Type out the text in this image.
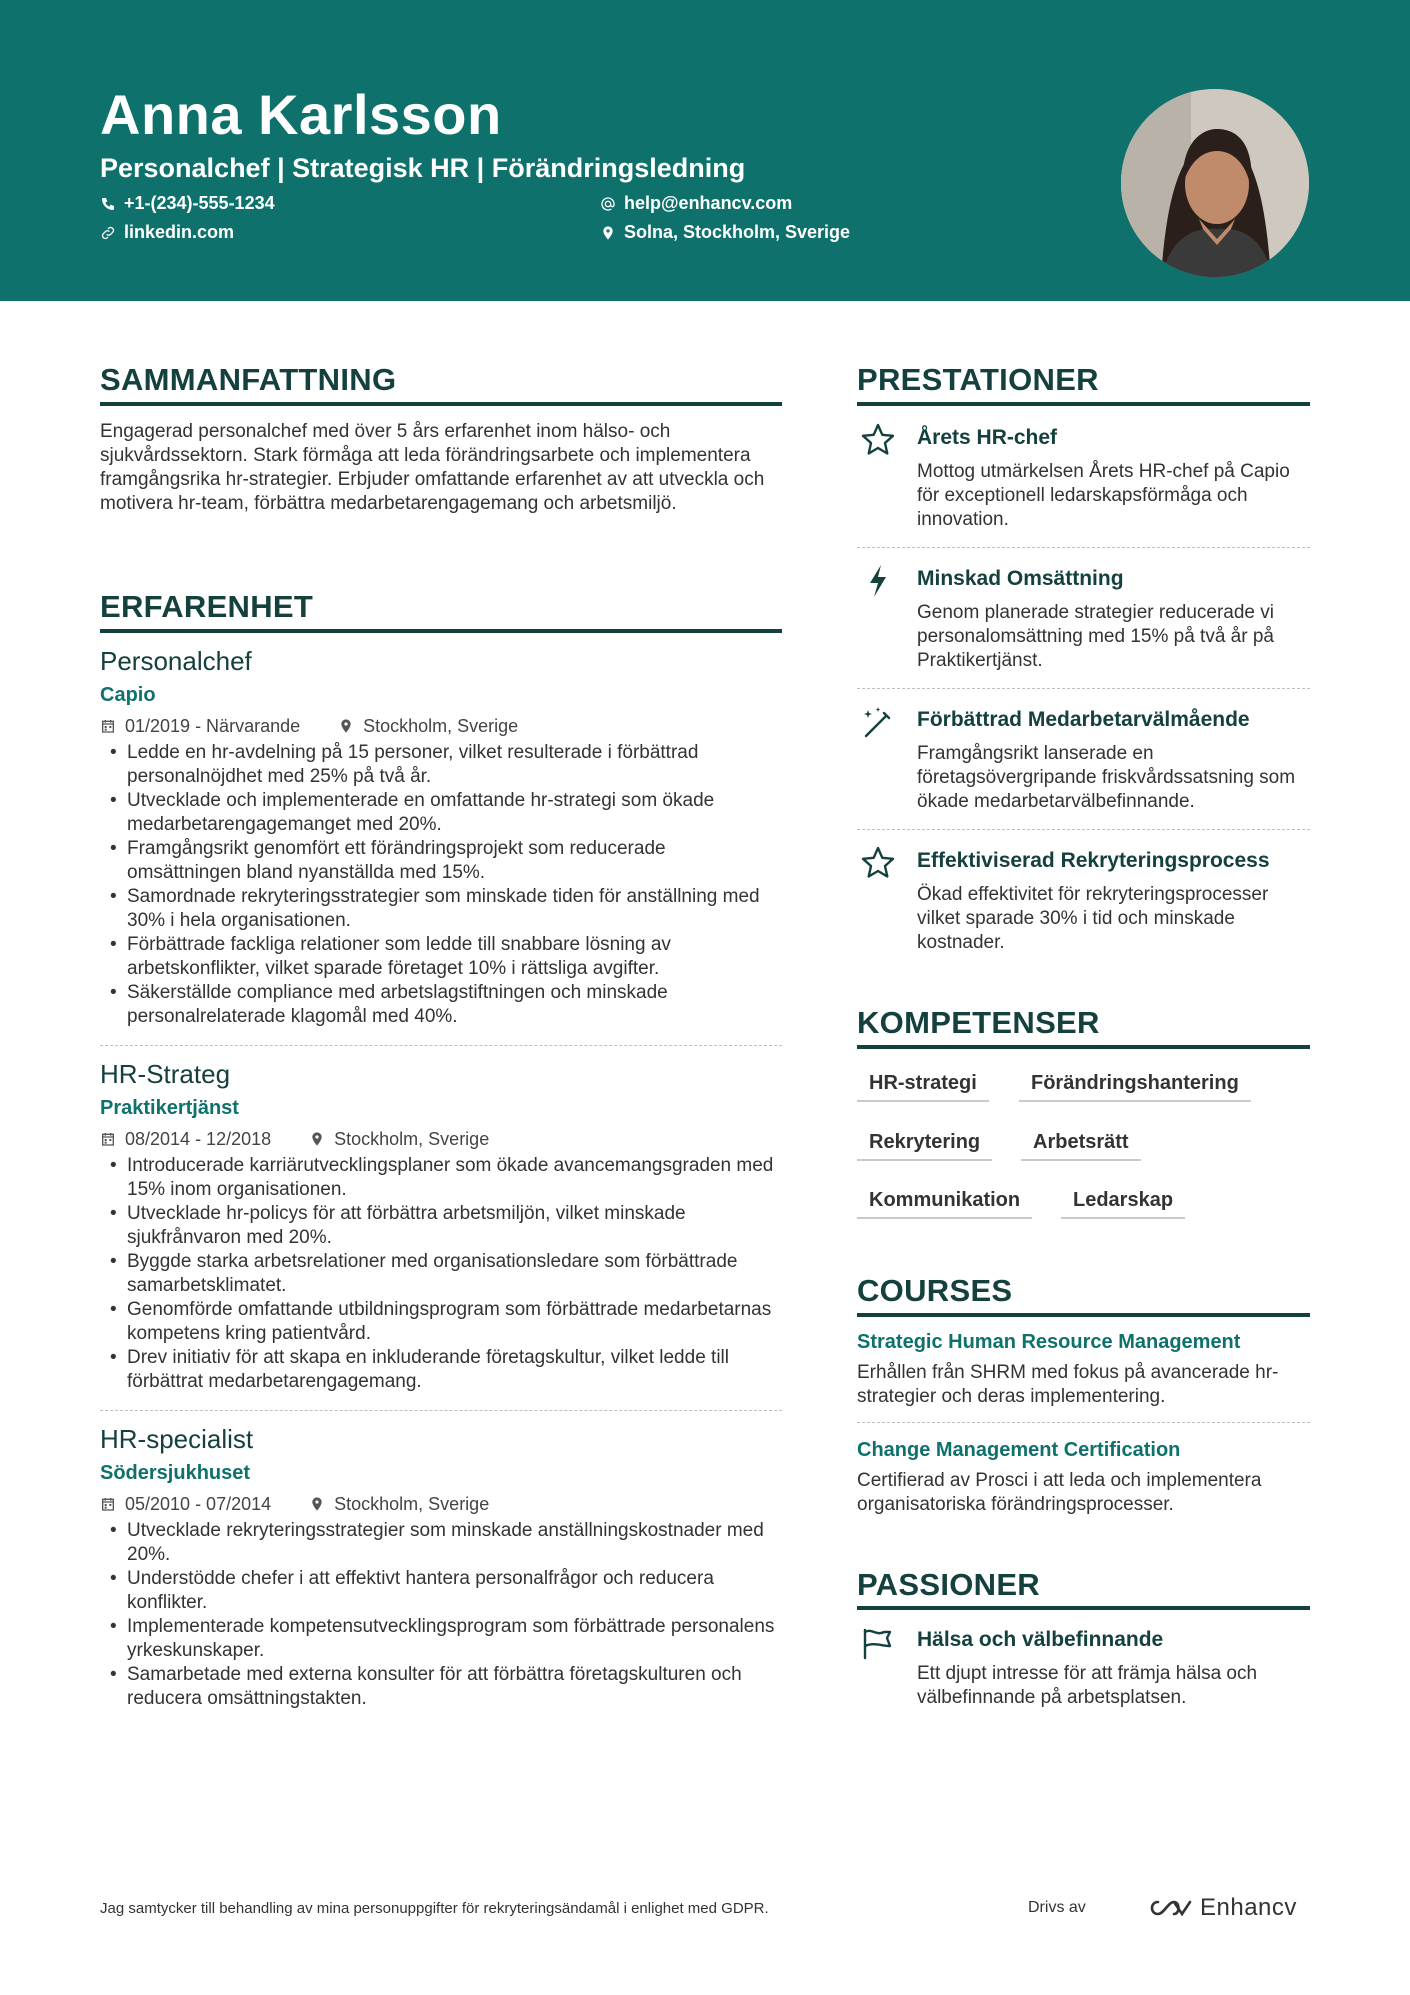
Anna Karlsson
Personalchef | Strategisk HR | Förändringsledning
+1-(234)-555-1234	help@enhancv.com
linkedin.com	Solna, Stockholm, Sverige
SAMMANFATTNING
Engagerad personalchef med över 5 års erfarenhet inom hälso- och sjukvårdssektorn. Stark förmåga att leda förändringsarbete och implementera framgångsrika hr-strategier. Erbjuder omfattande erfarenhet av att utveckla och motivera hr-team, förbättra medarbetarengagemang och arbetsmiljö.
ERFARENHET
Personalchef
Capio
01/2019 - Närvarande	Stockholm, Sverige
• Ledde en hr-avdelning på 15 personer, vilket resulterade i förbättrad personalnöjdhet med 25% på två år.
• Utvecklade och implementerade en omfattande hr-strategi som ökade medarbetarengagemanget med 20%.
• Framgångsrikt genomfört ett förändringsprojekt som reducerade omsättningen bland nyanställda med 15%.
• Samordnade rekryteringsstrategier som minskade tiden för anställning med 30% i hela organisationen.
• Förbättrade fackliga relationer som ledde till snabbare lösning av arbetskonflikter, vilket sparade företaget 10% i rättsliga avgifter.
• Säkerställde compliance med arbetslagstiftningen och minskade personalrelaterade klagomål med 40%.
HR-Strateg
Praktikertjänst
08/2014 - 12/2018	Stockholm, Sverige
• Introducerade karriärutvecklingsplaner som ökade avancemangsgraden med 15% inom organisationen.
• Utvecklade hr-policys för att förbättra arbetsmiljön, vilket minskade sjukfrånvaron med 20%.
• Byggde starka arbetsrelationer med organisationsledare som förbättrade samarbetsklimatet.
• Genomförde omfattande utbildningsprogram som förbättrade medarbetarnas kompetens kring patientvård.
• Drev initiativ för att skapa en inkluderande företagskultur, vilket ledde till förbättrat medarbetarengagemang.
HR-specialist
Södersjukhuset
05/2010 - 07/2014	Stockholm, Sverige
• Utvecklade rekryteringsstrategier som minskade anställningskostnader med 20%.
• Understödde chefer i att effektivt hantera personalfrågor och reducera konflikter.
• Implementerade kompetensutvecklingsprogram som förbättrade personalens yrkeskunskaper.
• Samarbetade med externa konsulter för att förbättra företagskulturen och reducera omsättningstakten.
PRESTATIONER
Årets HR-chef
Mottog utmärkelsen Årets HR-chef på Capio för exceptionell ledarskapsförmåga och innovation.
Minskad Omsättning
Genom planerade strategier reducerade vi personalomsättning med 15% på två år på Praktikertjänst.
Förbättrad Medarbetarvälmående
Framgångsrikt lanserade en företagsövergripande friskvårdssatsning som ökade medarbetarvälbefinnande.
Effektiviserad Rekryteringsprocess
Ökad effektivitet för rekryteringsprocesser vilket sparade 30% i tid och minskade kostnader.
KOMPETENSER
HR-strategi	Förändringshantering
Rekrytering	Arbetsrätt
Kommunikation	Ledarskap
COURSES
Strategic Human Resource Management
Erhållen från SHRM med fokus på avancerade hr-strategier och deras implementering.
Change Management Certification
Certifierad av Prosci i att leda och implementera organisatoriska förändringsprocesser.
PASSIONER
Hälsa och välbefinnande
Ett djupt intresse för att främja hälsa och välbefinnande på arbetsplatsen.
Jag samtycker till behandling av mina personuppgifter för rekryteringsändamål i enlighet med GDPR.	Drivs av	Enhancv
